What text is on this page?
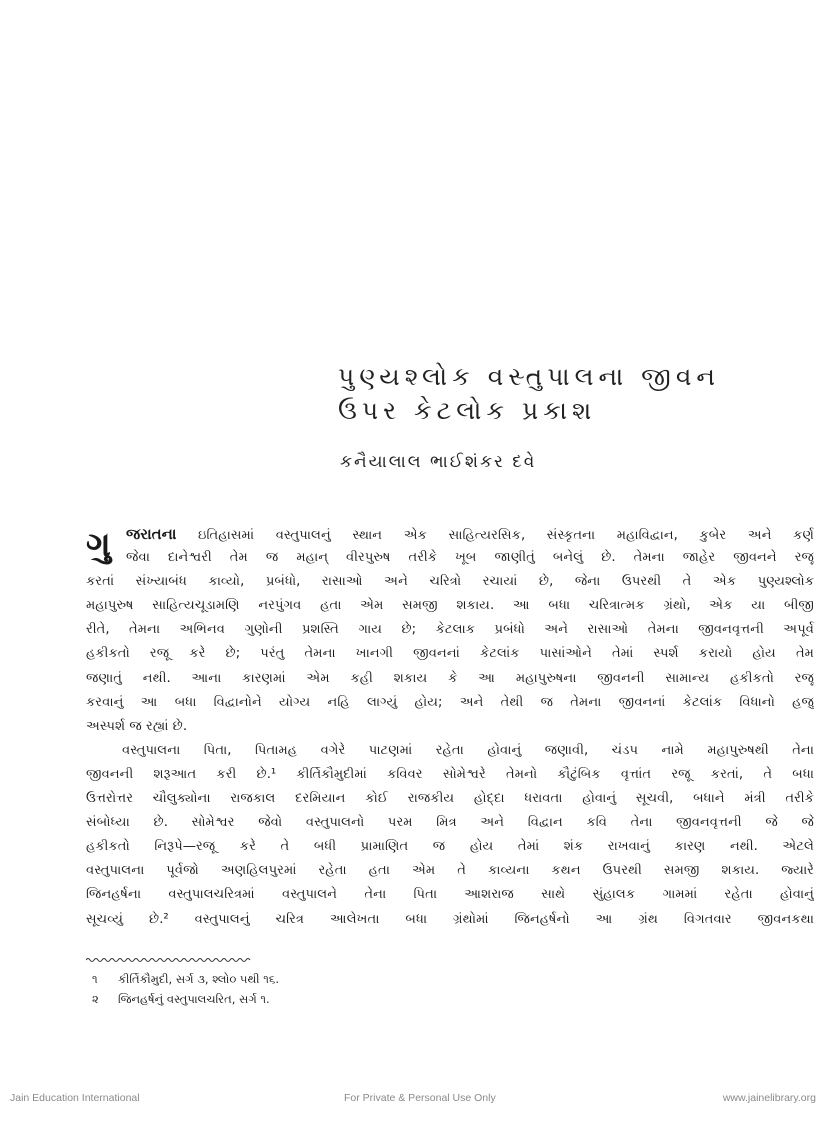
પુણ્યશ્લોક વસ્તુપાલના જીવન
ઉપર કેટલોક પ્રકાશ
કનૈયાલાલ ભાઈશંકર દવે
ગુ	જરાતના ઇતિહાસમાં વસ્તુપાલનું સ્થાન એક સાહિત્યરસિક, સંસ્કૃતના મહાવિદ્વાન, કુબેર અને કર્ણ
જેવા દાનેશ્વરી તેમ જ મહાન્ વીરપુરુષ તરીકે ખૂબ જાણીતું બનેલું છે. તેમના જાહેર જીવનને રજૂ
કરતાં સંખ્યાબંધ કાવ્યો, પ્રબંધો, રાસાઓ અને ચરિત્રો રચાયાં છે, જેના ઉપરથી તે એક પુણ્યશ્લોક
મહાપુરુષ સાહિત્યચૂડામણિ નરપુંગવ હતા એમ સમજી શકાય. આ બધા ચરિત્રાત્મક ગ્રંથો, એક યા બીજી
રીતે, તેમના અભિનવ ગુણોની પ્રશસ્તિ ગાય છે; કેટલાક પ્રબંધો અને રાસાઓ તેમના જીવનવૃત્તની અપૂર્વ
હકીકતો રજૂ કરે છે; પરંતુ તેમના ખાનગી જીવનનાં કેટલાંક પાસાંઓને તેમાં સ્પર્શ કરાયો હોય તેમ
જણાતું નથી. આના કારણમાં એમ કહી શકાય કે આ મહાપુરુષના જીવનની સામાન્ય હકીકતો રજૂ
કરવાનું આ બધા વિદ્વાનોને યોગ્ય નહિ લાગ્યું હોય; અને તેથી જ તેમના જીવનનાં કેટલાંક વિધાનો હજુ
અસ્પર્શ જ રહ્યાં છે.
વસ્તુપાલના પિતા, પિતામહ વગેરે પાટણમાં રહેતા હોવાનું જણાવી, ચંડપ નામે મહાપુરુષથી તેના
જીવનની શરૂઆત કરી છે.¹ કીર્તિકૌમુદીમાં કવિવર સોમેશ્વરે તેમનો કૌટુંબિક વૃત્તાંત રજૂ કરતાં, તે બધા
ઉત્તરોત્તર ચૌલુક્યોના રાજકાલ દરમિયાન કોઈ રાજકીય હોદ્દા ધરાવતા હોવાનું સૂચવી, બધાને મંત્રી તરીકે
સંબોધ્યા છે. સોમેશ્વર જેવો વસ્તુપાલનો પરમ મિત્ર અને વિદ્વાન કવિ તેના જીવનવૃત્તની જે જે
હકીકતો નિરૂપે—રજૂ કરે તે બધી પ્રામાણિત જ હોય તેમાં શંક રાખવાનું કારણ નથી. એટલે
વસ્તુપાલના પૂર્વજો અણહિલપુરમાં રહેતા હતા એમ તે કાવ્યના કથન ઉપરથી સમજી શકાય. જ્યારે
જિનહર્ષના વસ્તુપાલચરિત્રમાં વસ્તુપાલને તેના પિતા આશરાજ સાથે સુંહાલક ગામમાં રહેતા હોવાનું
સૂચવ્યું છે.² વસ્તુપાલનું ચરિત્ર આલેખતા બધા ગ્રંથોમાં જિનહર્ષનો આ ગ્રંથ વિગતવાર જીવનકથા
૧ કીર્તિકૌમુદી, સર્ગ ૩, શ્લો૦ ૫થી ૧૬.
૨ જિનહર્ષનું વસ્તુપાલચરિત, સર્ગ ૧.
Jain Education International	For Private & Personal Use Only	www.jainelibrary.org
